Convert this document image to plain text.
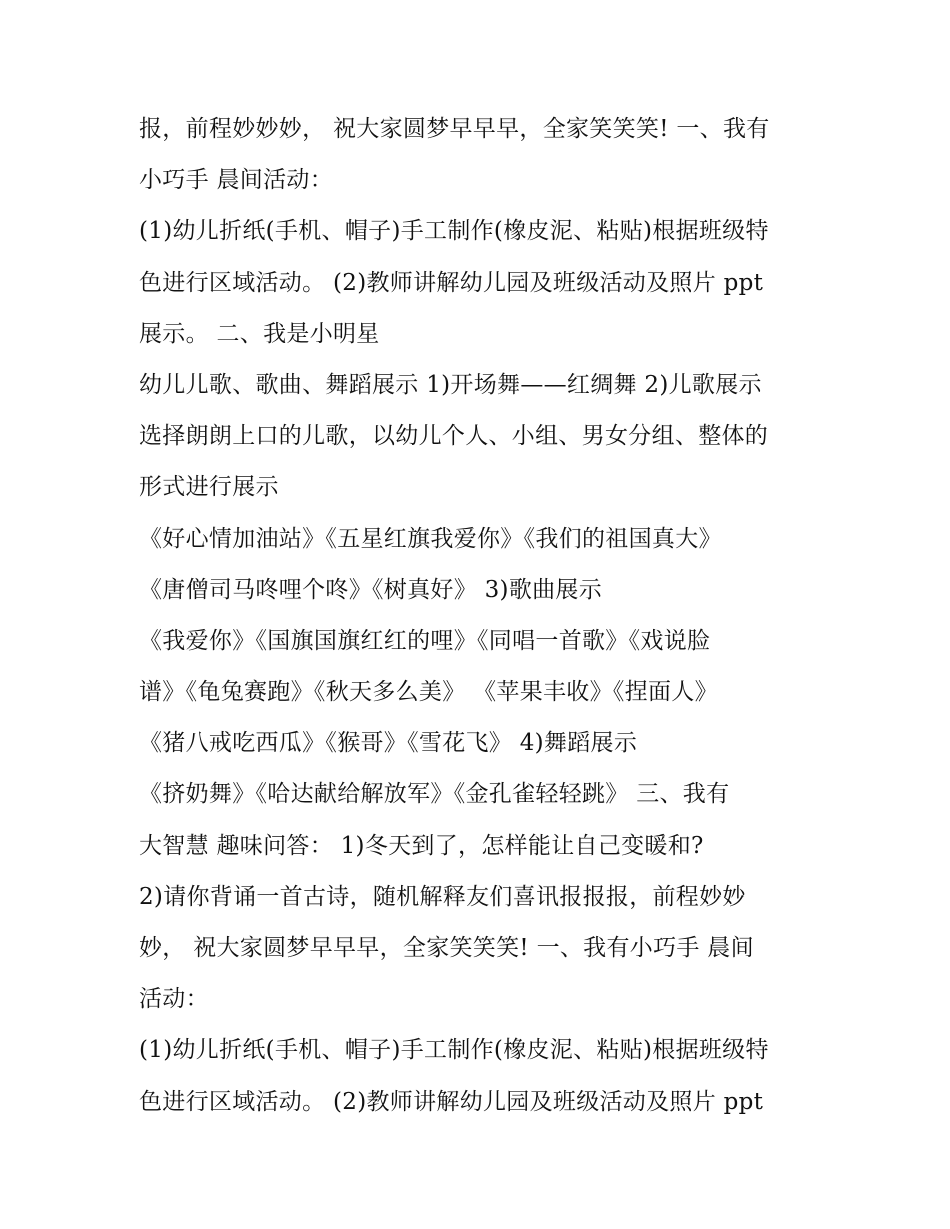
报，前程妙妙妙， 祝大家圆梦早早早，全家笑笑笑! 一、我有
小巧手 晨间活动：
(1)幼儿折纸(手机、帽子)手工制作(橡皮泥、粘贴)根据班级特
色进行区域活动。 (2)教师讲解幼儿园及班级活动及照片 ppt
展示。 二、我是小明星
幼儿儿歌、歌曲、舞蹈展示 1)开场舞——红绸舞 2)儿歌展示
选择朗朗上口的儿歌，以幼儿个人、小组、男女分组、整体的
形式进行展示
《好心情加油站》《五星红旗我爱你》《我们的祖国真大》
《唐僧司马咚哩个咚》《树真好》 3)歌曲展示
《我爱你》《国旗国旗红红的哩》《同唱一首歌》《戏说脸
谱》《龟兔赛跑》《秋天多么美》 《苹果丰收》《捏面人》
《猪八戒吃西瓜》《猴哥》《雪花飞》 4)舞蹈展示
《挤奶舞》《哈达献给解放军》《金孔雀轻轻跳》 三、我有
大智慧 趣味问答： 1)冬天到了，怎样能让自己变暖和?
2)请你背诵一首古诗，随机解释友们喜讯报报报，前程妙妙
妙， 祝大家圆梦早早早，全家笑笑笑! 一、我有小巧手 晨间
活动：
(1)幼儿折纸(手机、帽子)手工制作(橡皮泥、粘贴)根据班级特
色进行区域活动。 (2)教师讲解幼儿园及班级活动及照片 ppt
